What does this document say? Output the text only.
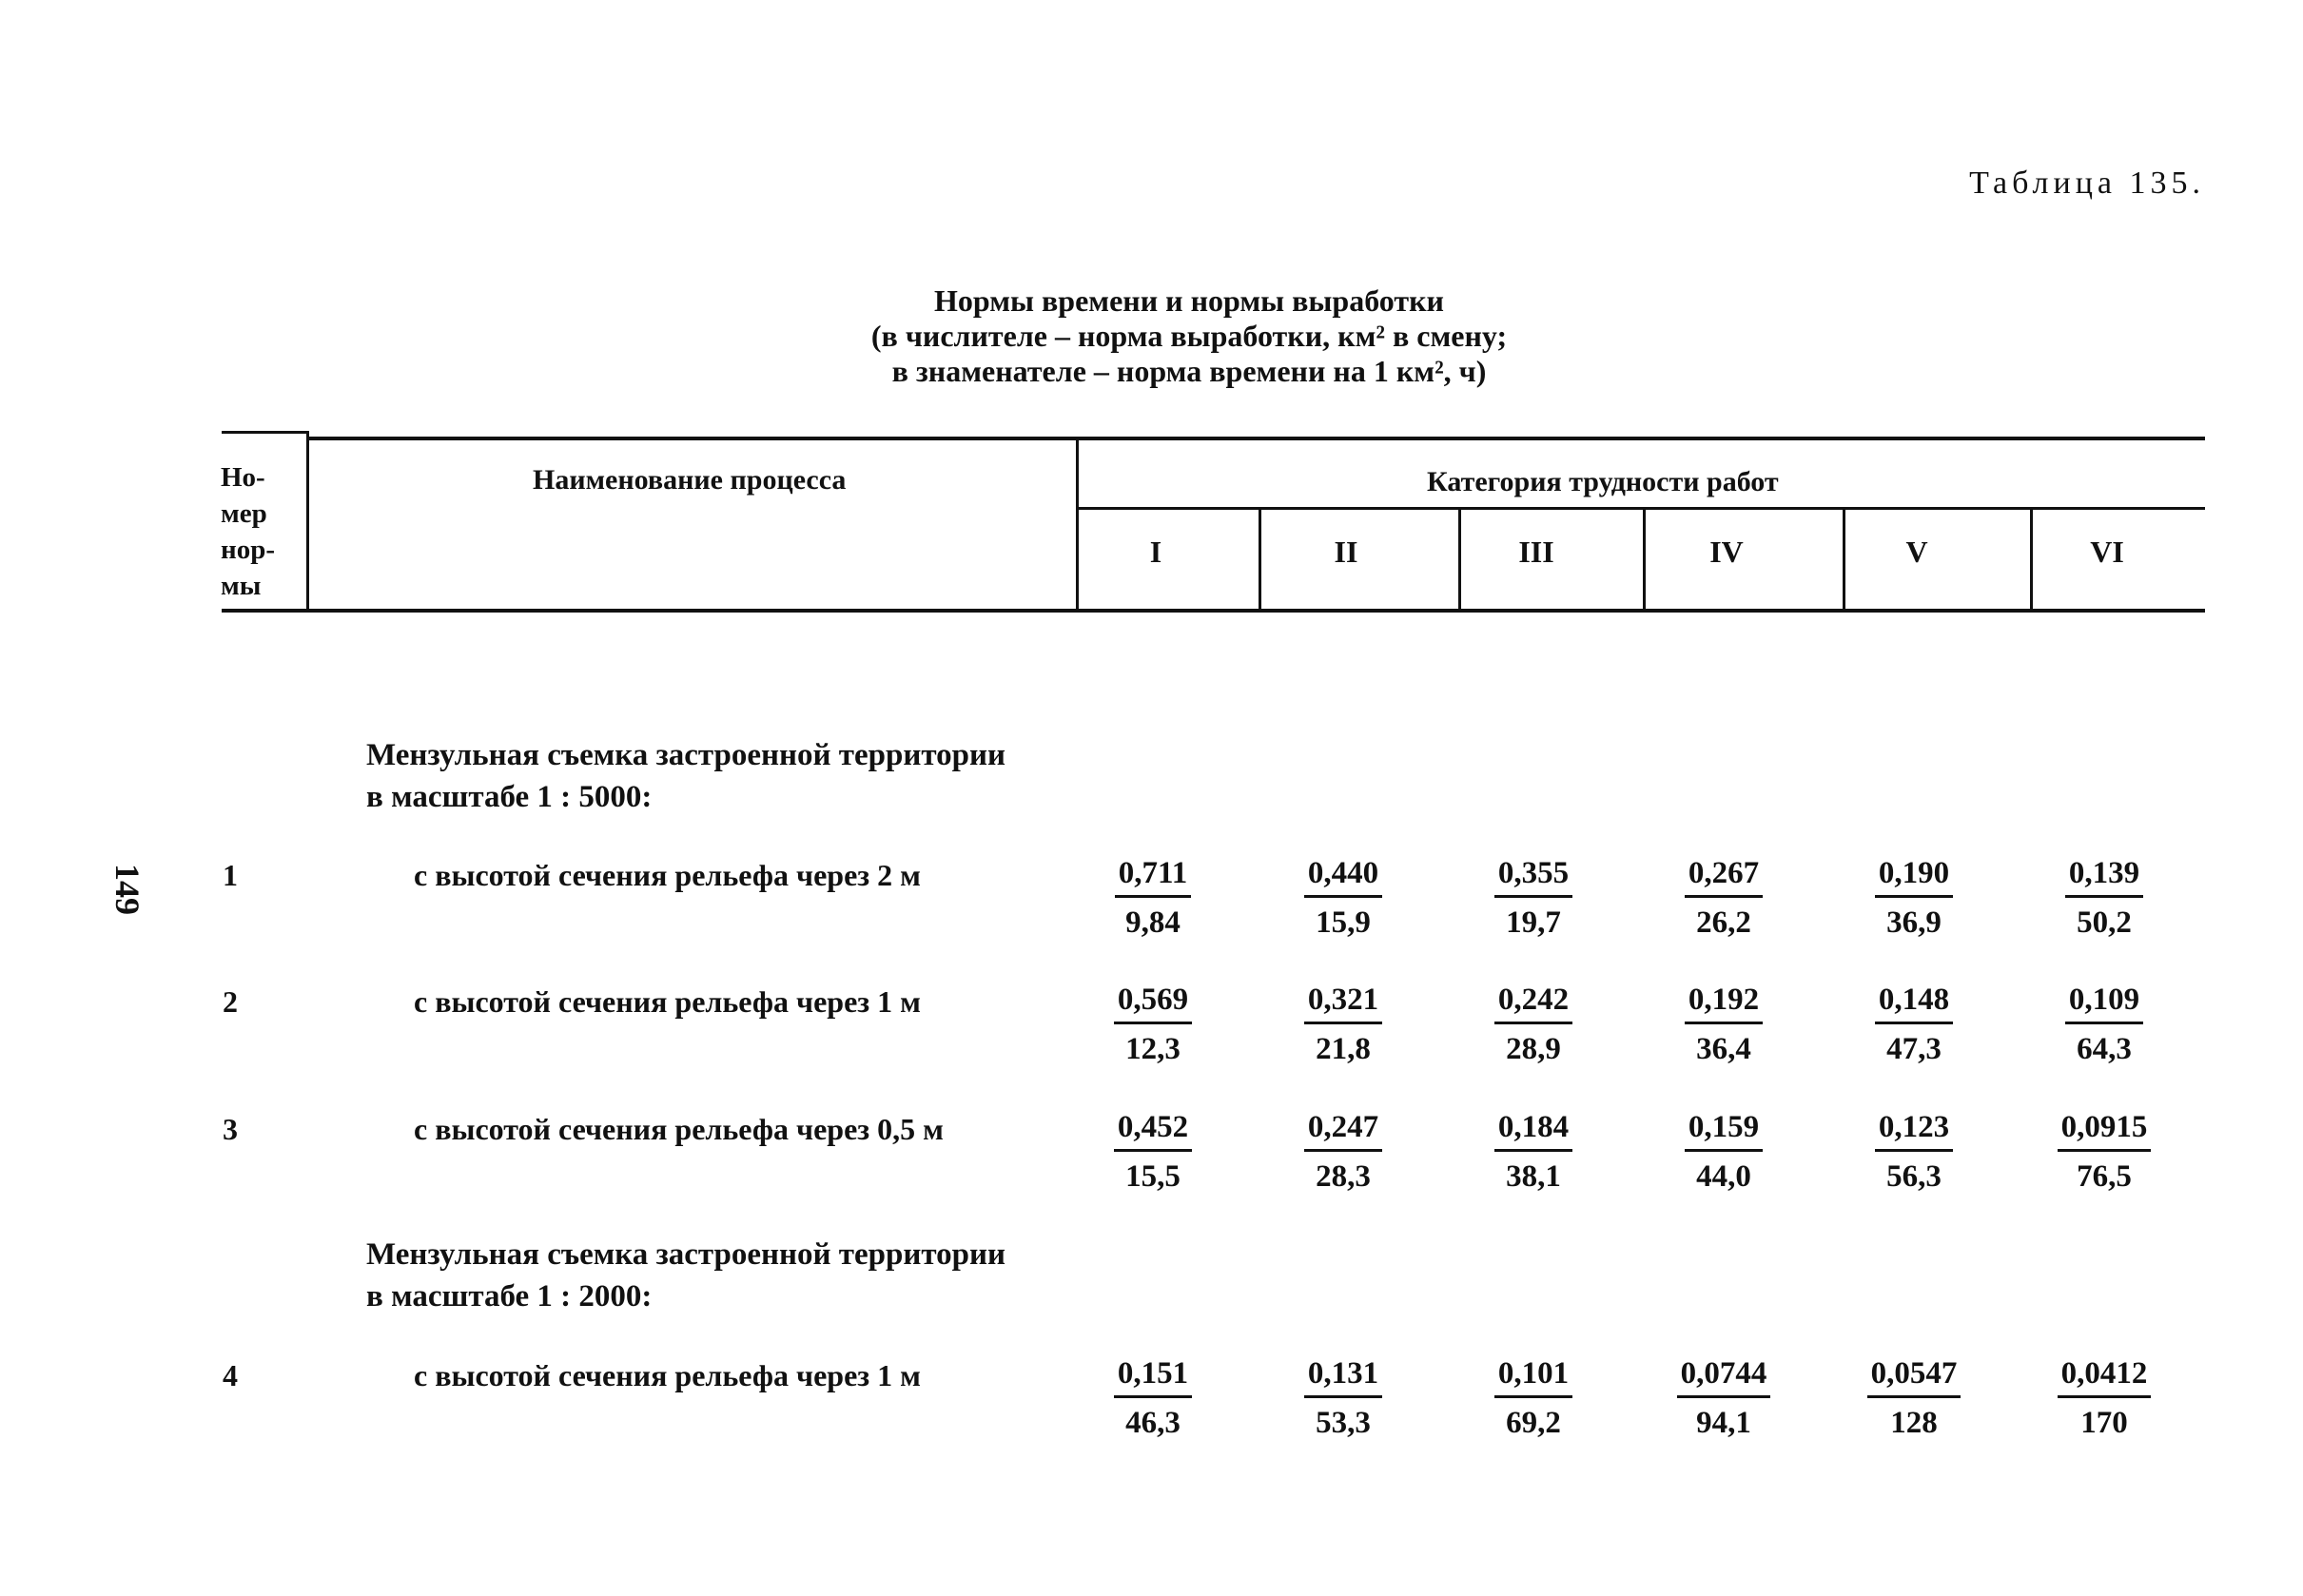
Таблица 135.
Нормы времени и нормы выработки
(в числителе – норма выработки, км² в смену;
в знаменателе – норма времени на 1 км², ч)
149
Но-
мер
нор-
мы
Наименование процесса	Категория трудности работ
I	II	III	IV	V	VI
Мензульная съемка застроенной территории
в масштабе 1 : 5000:
1	с высотой сечения рельефа через 2 м	$\frac{0,711}{9,84} \frac{0,440}{15,9} \frac{0,355}{19,7} \frac{0,267}{26,2} \frac{0,190}{36,9} \frac{0,139}{50,2}$
2	с высотой сечения рельефа через 1 м	$\frac{0,569}{12,3} \frac{0,321}{21,8} \frac{0,242}{28,9} \frac{0,192}{36,4} \frac{0,148}{47,3} \frac{0,109}{64,3}$
3	с высотой сечения рельефа через 0,5 м	$\frac{0,452}{15,5} \frac{0,247}{28,3} \frac{0,184}{38,1} \frac{0,159}{44,0} \frac{0,123}{56,3} \frac{0,0915}{76,5}$
Мензульная съемка застроенной территории
в масштабе 1 : 2000:
4	с высотой сечения рельефа через 1 м	$\frac{0,151}{46,3} \frac{0,131}{53,3} \frac{0,101}{69,2} \frac{0,0744}{94,1} \frac{0,0547}{128} \frac{0,0412}{170}$
